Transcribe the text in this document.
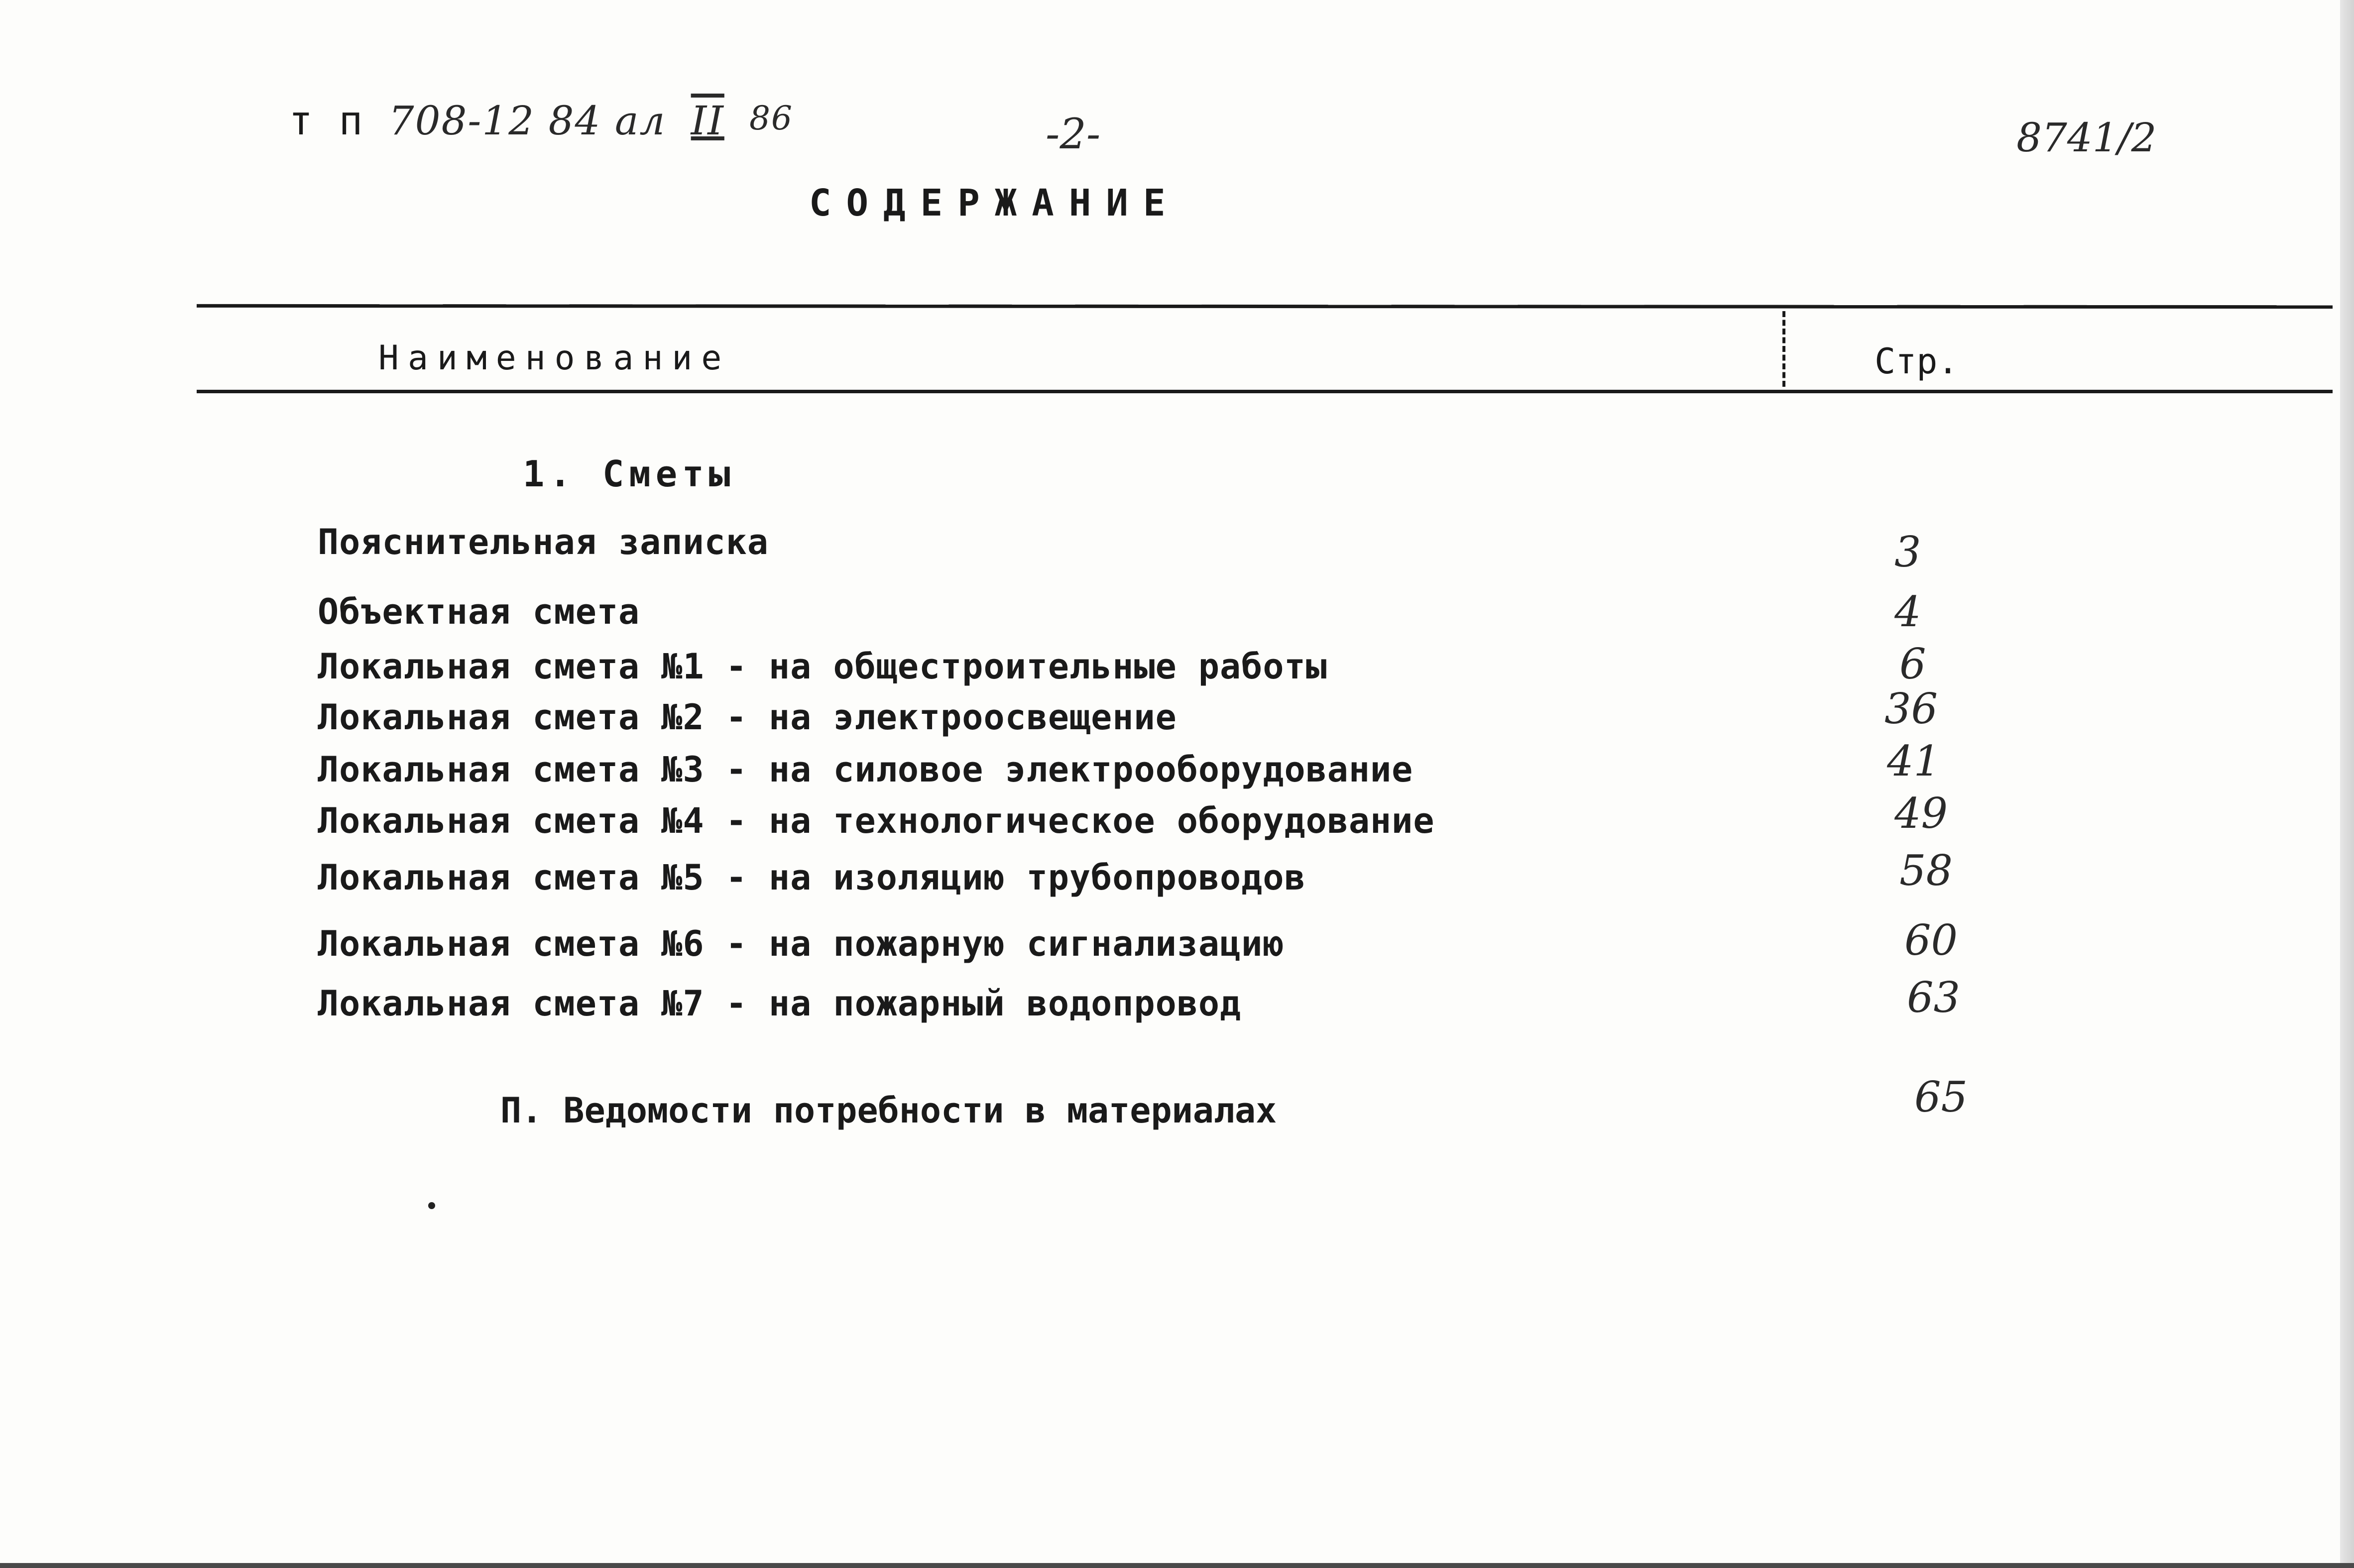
т п 708-12 84 ал II 86	-2-	8741/2
СОДЕРЖАНИЕ
Наименование	Стр.
1. Сметы
Пояснительная записка	3
Объектная смета	4
Локальная смета №1 - на общестроительные работы	6
Локальная смета №2 - на электроосвещение	36
Локальная смета №3 - на силовое электрооборудование	41
Локальная смета №4 - на технологическое оборудование	49
Локальная смета №5 - на изоляцию трубопроводов	58
Локальная смета №6 - на пожарную сигнализацию	60
Локальная смета №7 - на пожарный водопровод	63
П. Ведомости потребности в материалах	65
